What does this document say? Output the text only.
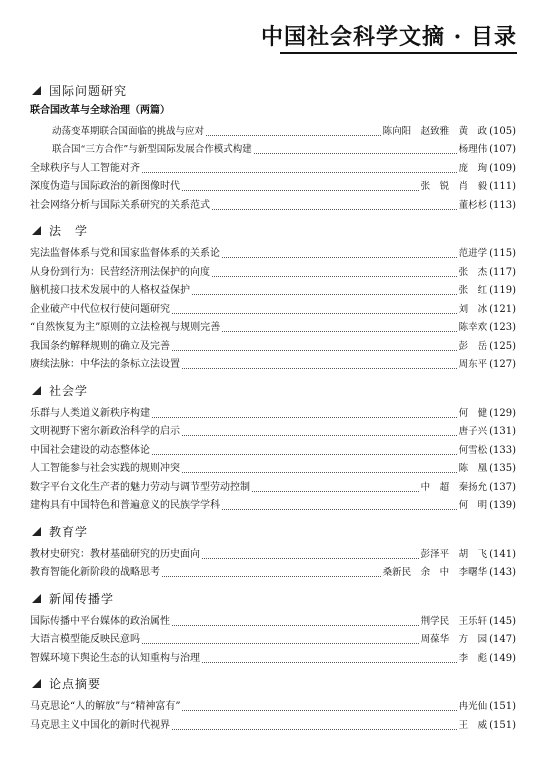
中国社会科学文摘 · 目录
国际问题研究
联合国改革与全球治理（两篇）
动荡变革期联合国面临的挑战与应对	陈向阳　赵致雅　黄　政 (105)
联合国“三方合作”与新型国际发展合作模式构建	杨理伟 (107)
全球秩序与人工智能对齐	庞　珣 (109)
深度伪造与国际政治的新图像时代	张　锐　肖　毅 (111)
社会网络分析与国际关系研究的关系范式	董杉杉 (113)
法　学
宪法监督体系与党和国家监督体系的关系论	范进学 (115)
从身份到行为：民营经济刑法保护的向度	张　杰 (117)
脑机接口技术发展中的人格权益保护	张　红 (119)
企业破产中代位权行使问题研究	刘　冰 (121)
“自然恢复为主”原则的立法检视与规则完善	陈幸欢 (123)
我国条约解释规则的确立及完善	彭　岳 (125)
赓续法脉：中华法的条标立法设置	周东平 (127)
社会学
乐群与人类道义新秩序构建	何　健 (129)
文明视野下密尔新政治科学的启示	唐子兴 (131)
中国社会建设的动态整体论	何雪松 (133)
人工智能参与社会实践的规则冲突	陈　凰 (135)
数字平台文化生产者的魅力劳动与调节型劳动控制	中　超　秦扬允 (137)
建构具有中国特色和普遍意义的民族学学科	何　明 (139)
教育学
教材史研究：教材基础研究的历史面向	彭泽平　胡　飞 (141)
教育智能化新阶段的战略思考	桑新民　余　中　李曙华 (143)
新闻传播学
国际传播中平台媒体的政治属性	荆学民　王乐轩 (145)
大语言模型能反映民意吗	周葆华　方　园 (147)
智媒环境下舆论生态的认知重构与治理	李　彪 (149)
论点摘要
马克思论“人的解放”与“精神富有”	冉光仙 (151)
马克思主义中国化的新时代视界	王　威 (151)
